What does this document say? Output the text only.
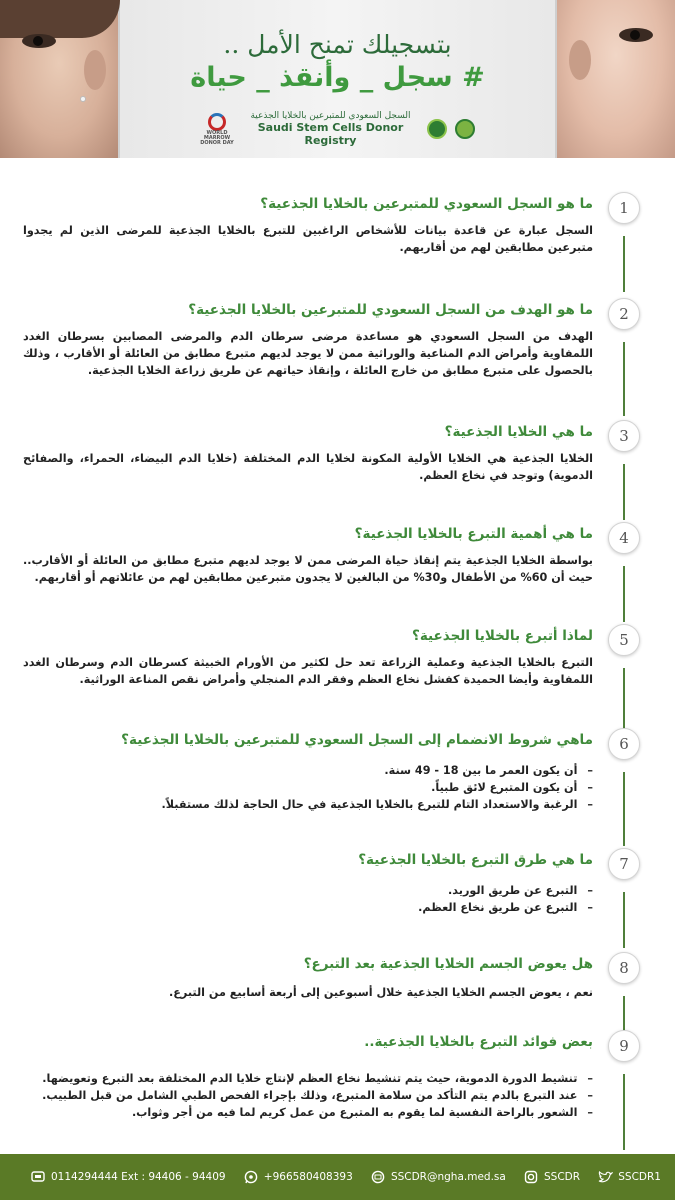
بتسجيلك تمنح الأمل ..
# سجل _ وأنقذ _ حياة
WORLD MARROW DONOR DAY
السجل السعودي للمتبرعين بالخلايا الجذعية
Saudi Stem Cells Donor Registry
1
ما هو السجل السعودي للمتبرعين بالخلايا الجذعية؟
السجل عبارة عن قاعدة بيانات للأشخاص الراغبين للتبرع بالخلايا الجذعية للمرضى الذين لم يجدوا متبرعين مطابقين لهم من أقاربهم.
2
ما هو الهدف من السجل السعودي للمتبرعين بالخلايا الجذعية؟
الهدف من السجل السعودي هو مساعدة مرضى سرطان الدم والمرضى المصابين بسرطان الغدد اللمفاوية وأمراض الدم المناعية والوراثية ممن لا يوجد لديهم متبرع مطابق من العائلة أو الأقارب ، وذلك بالحصول على متبرع مطابق من خارج العائلة ، وإنقاذ حياتهم عن طريق زراعة الخلايا الجذعية.
3
ما هي الخلايا الجذعية؟
الخلايا الجذعية هي الخلايا الأولية المكونة لخلايا الدم المختلفة (خلايا الدم البيضاء، الحمراء، والصفائح الدموية) وتوجد في نخاع العظم.
4
ما هي أهمية التبرع بالخلايا الجذعية؟
بواسطة الخلايا الجذعية يتم إنقاذ حياة المرضى ممن لا يوجد لديهم متبرع مطابق من العائلة أو الأقارب.. حيث أن 60% من الأطفال و30% من البالغين لا يجدون متبرعين مطابقين لهم من عائلاتهم أو أقاربهم.
5
لماذا أتبرع بالخلايا الجذعية؟
التبرع بالخلايا الجذعية وعملية الزراعة تعد حل لكثير من الأورام الخبيثة كسرطان الدم وسرطان الغدد اللمفاوية وأيضا الحميدة كفشل نخاع العظم وفقر الدم المنجلي وأمراض نقص المناعة الوراثية.
6
ماهي شروط الانضمام إلى السجل السعودي للمتبرعين بالخلايا الجذعية؟
– أن يكون العمر ما بين 18 - 49 سنة.
– أن يكون المتبرع لائق طبياً.
– الرغبة والاستعداد التام للتبرع بالخلايا الجذعية في حال الحاجة لذلك مستقبلاً.
7
ما هي طرق التبرع بالخلايا الجذعية؟
– التبرع عن طريق الوريد.
– التبرع عن طريق نخاع العظم.
8
هل يعوض الجسم الخلايا الجذعية بعد التبرع؟
نعم ، يعوض الجسم الخلايا الجذعية خلال أسبوعين إلى أربعة أسابيع من التبرع.
9
بعض فوائد التبرع بالخلايا الجذعية..
– تنشيط الدورة الدموية، حيث يتم تنشيط نخاع العظم لإنتاج خلايا الدم المختلفة بعد التبرع وتعويضها.
– عند التبرع بالدم يتم التأكد من سلامة المتبرع، وذلك بإجراء الفحص الطبي الشامل من قبل الطبيب.
– الشعور بالراحة النفسية لما يقوم به المتبرع من عمل كريم لما فيه من أجر وثواب.
0114294444 Ext : 94406 - 94409	+966580408393	SSCDR@ngha.med.sa	SSCDR	SSCDR1
